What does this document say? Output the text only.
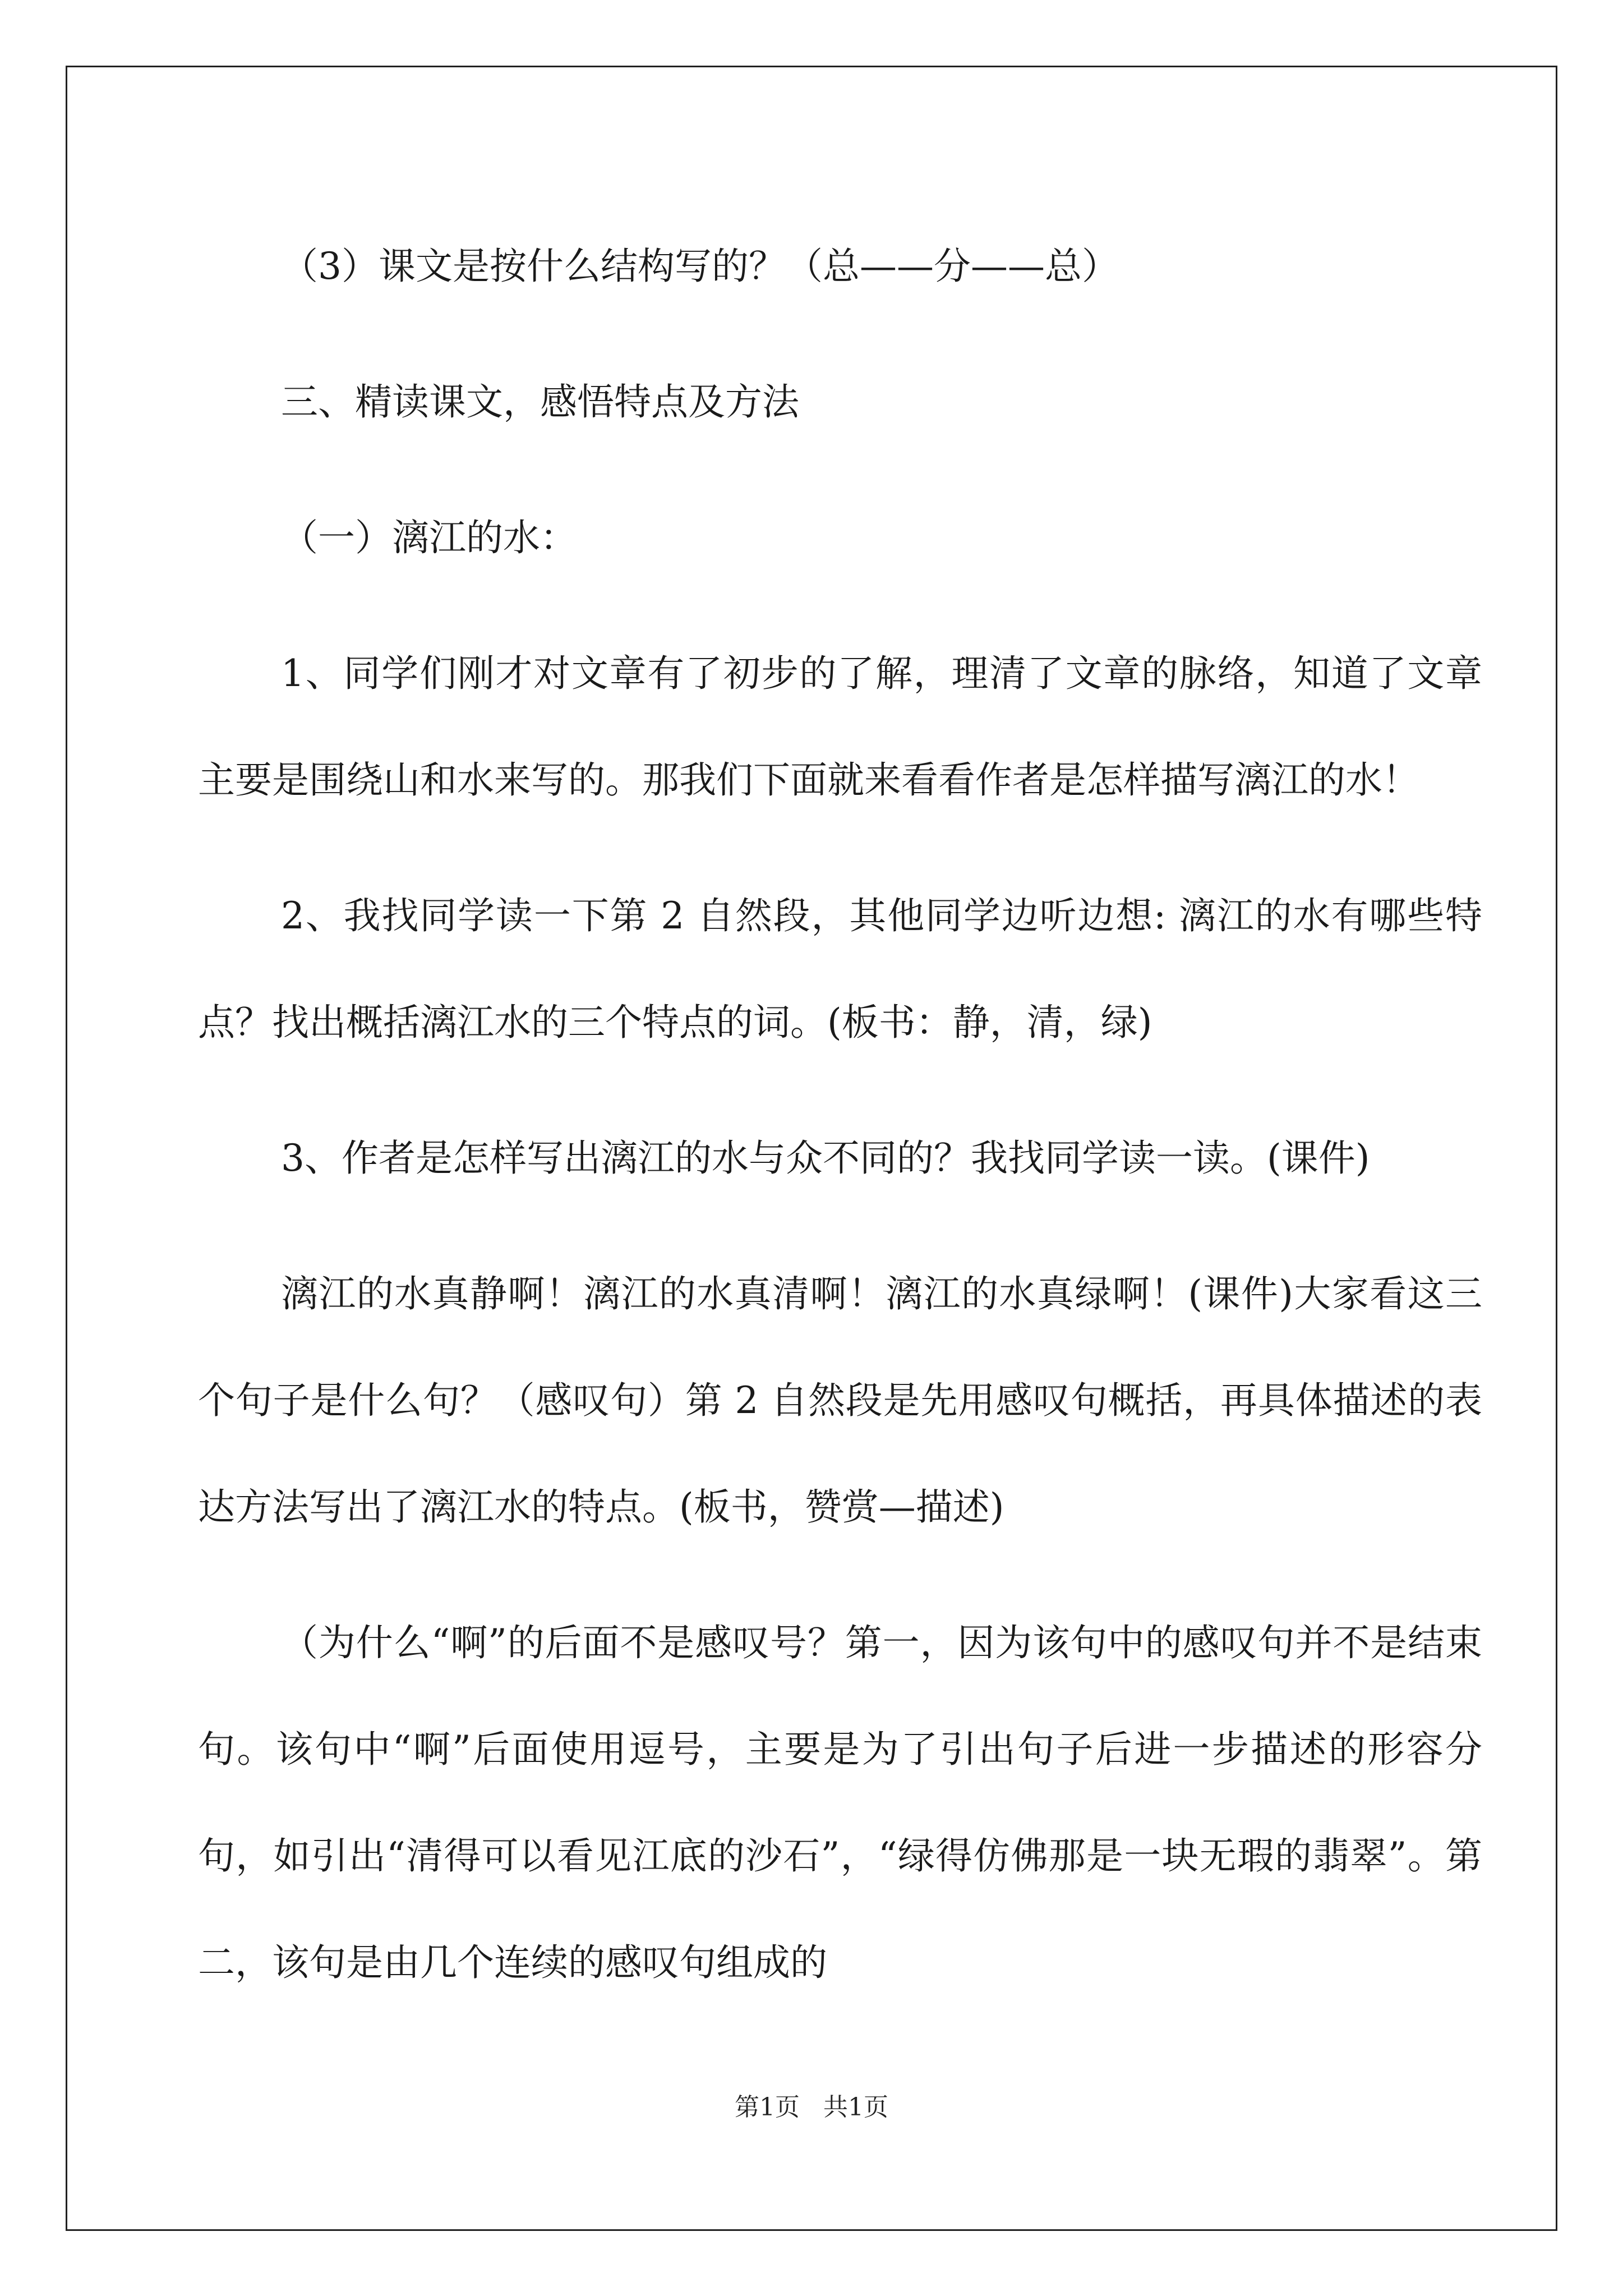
（3）课文是按什么结构写的？（总——分——总）

三、精读课文，感悟特点及方法

（一）漓江的水：

1、同学们刚才对文章有了初步的了解，理清了文章的脉络，知道了文章主要是围绕山和水来写的。那我们下面就来看看作者是怎样描写漓江的水！

2、我找同学读一下第 2 自然段，其他同学边听边想: 漓江的水有哪些特点？找出概括漓江水的三个特点的词。(板书：静，清，绿)

3、作者是怎样写出漓江的水与众不同的？我找同学读一读。(课件)

漓江的水真静啊！漓江的水真清啊！漓江的水真绿啊！(课件)大家看这三个句子是什么句？（感叹句）第 2 自然段是先用感叹句概括，再具体描述的表达方法写出了漓江水的特点。(板书，赞赏—描述)

（为什么“啊”的后面不是感叹号？第一，因为该句中的感叹句并不是结束句。该句中“啊”后面使用逗号，主要是为了引出句子后进一步描述的形容分句，如引出“清得可以看见江底的沙石”，“绿得仿佛那是一块无瑕的翡翠”。第二，该句是由几个连续的感叹句组成的

第1页   共1页
